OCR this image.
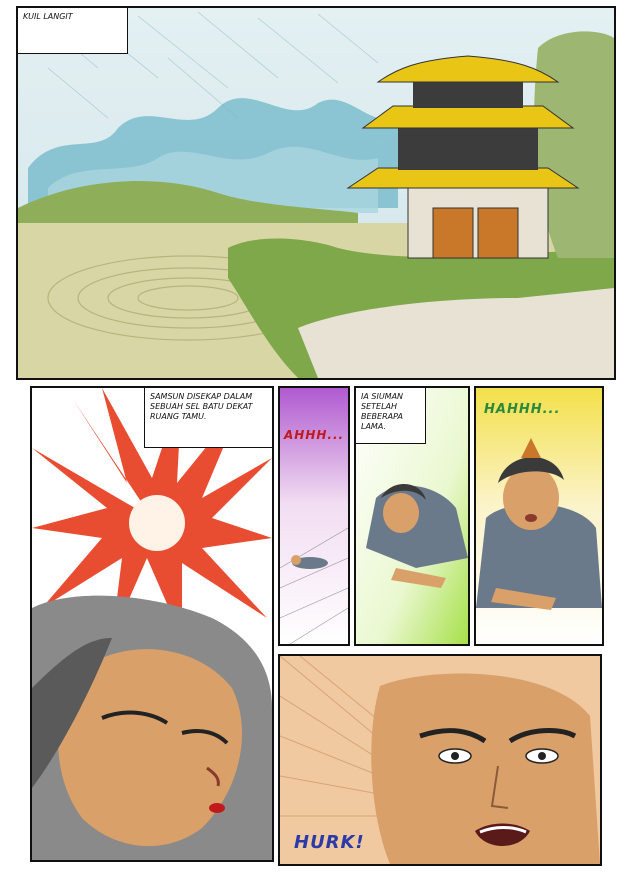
KUIL LANGIT
SAMSUN DISEKAP DALAM SEBUAH SEL BATU DEKAT RUANG TAMU.
AHHH...
IA SIUMAN SETELAH BEBERAPA LAMA.
HAHHH...
HURK!
